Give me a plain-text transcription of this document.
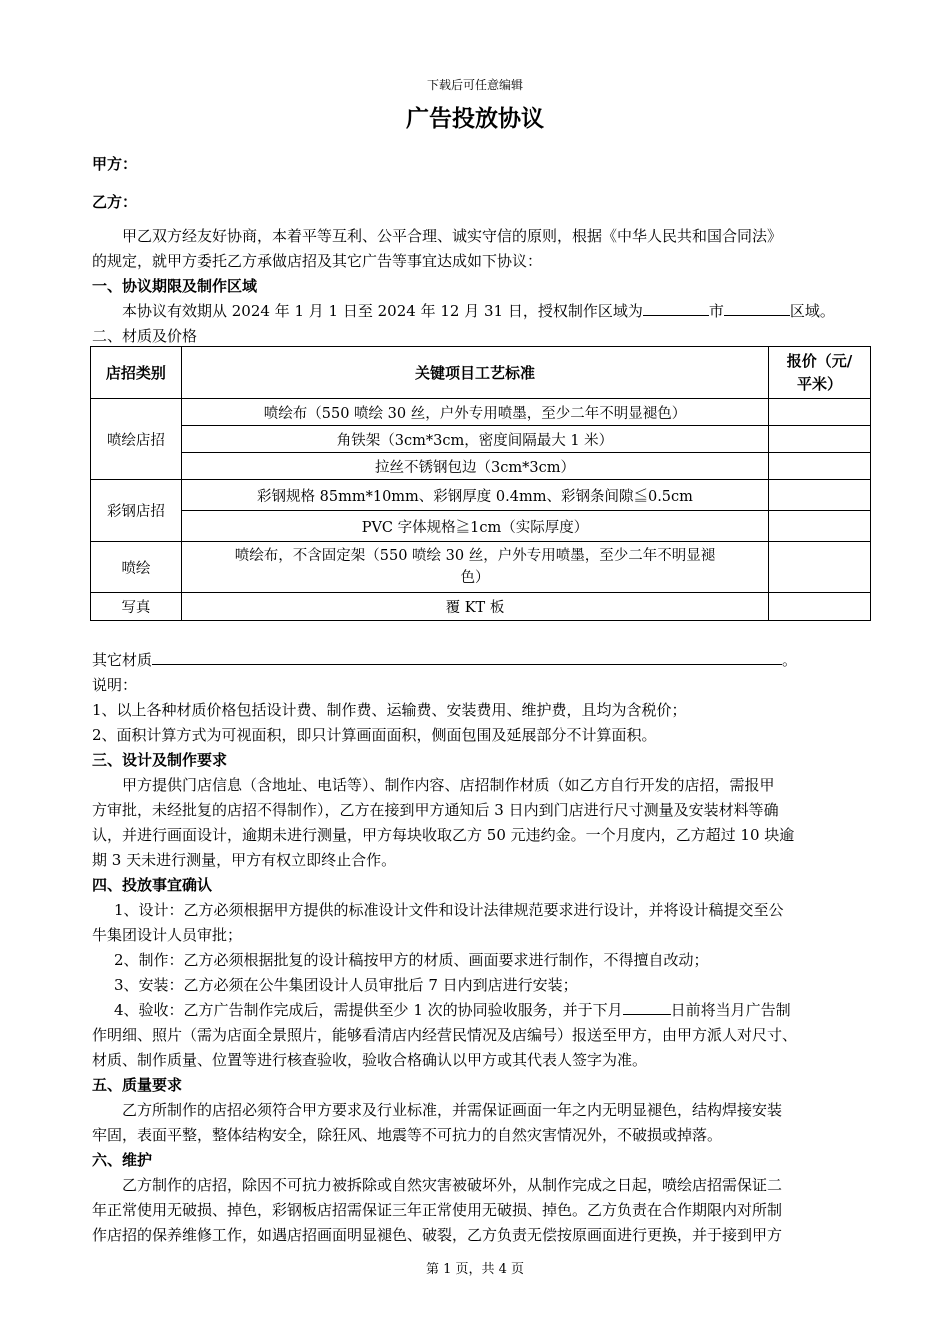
下载后可任意编辑
广告投放协议
甲方：
乙方：
甲乙双方经友好协商，本着平等互利、公平合理、诚实守信的原则，根据《中华人民共和国合同法》
的规定，就甲方委托乙方承做店招及其它广告等事宜达成如下协议：
一、协议期限及制作区域
本协议有效期从 2024 年 1 月 1 日至 2024 年 12 月 31 日，授权制作区域为	市	区域。
二、材质及价格
店招类别	关键项目工艺标准	报价（元/
平米）

喷绘店招	喷绘布（550 喷绘 30 丝，户外专用喷墨，至少二年不明显褪色）	
	角铁架（3cm*3cm，密度间隔最大 1 米）	
	拉丝不锈钢包边（3cm*3cm）	
彩钢店招	彩钢规格 85mm*10mm、彩钢厚度 0.4mm、彩钢条间隙≦0.5cm	
	PVC 字体规格≧1cm（实际厚度）	
喷绘	喷绘布，不含固定架（550 喷绘 30 丝，户外专用喷墨，至少二年不明显褪
色）	

写真	覆 KT 板	
其它材质	。
说明：
1、以上各种材质价格包括设计费、制作费、运输费、安装费用、维护费，且均为含税价；
2、面积计算方式为可视面积，即只计算画面面积，侧面包围及延展部分不计算面积。
三、设计及制作要求
甲方提供门店信息（含地址、电话等）、制作内容、店招制作材质（如乙方自行开发的店招，需报甲
方审批，未经批复的店招不得制作），乙方在接到甲方通知后 3 日内到门店进行尺寸测量及安装材料等确
认，并进行画面设计，逾期未进行测量，甲方每块收取乙方 50 元违约金。一个月度内，乙方超过 10 块逾
期 3 天未进行测量，甲方有权立即终止合作。
四、投放事宜确认
1、设计：乙方必须根据甲方提供的标准设计文件和设计法律规范要求进行设计，并将设计稿提交至公
牛集团设计人员审批；
2、制作：乙方必须根据批复的设计稿按甲方的材质、画面要求进行制作，不得擅自改动；
3、安装：乙方必须在公牛集团设计人员审批后 7 日内到店进行安装；
4、验收：乙方广告制作完成后，需提供至少 1 次的协同验收服务，并于下月	日前将当月广告制
作明细、照片（需为店面全景照片，能够看清店内经营民情况及店编号）报送至甲方，由甲方派人对尺寸、
材质、制作质量、位置等进行核查验收，验收合格确认以甲方或其代表人签字为准。
五、质量要求
乙方所制作的店招必须符合甲方要求及行业标准，并需保证画面一年之内无明显褪色，结构焊接安装
牢固，表面平整，整体结构安全，除狂风、地震等不可抗力的自然灾害情况外，不破损或掉落。
六、维护
乙方制作的店招，除因不可抗力被拆除或自然灾害被破坏外，从制作完成之日起，喷绘店招需保证二
年正常使用无破损、掉色，彩钢板店招需保证三年正常使用无破损、掉色。乙方负责在合作期限内对所制
作店招的保养维修工作，如遇店招画面明显褪色、破裂，乙方负责无偿按原画面进行更换，并于接到甲方
第 1 页，共 4 页
